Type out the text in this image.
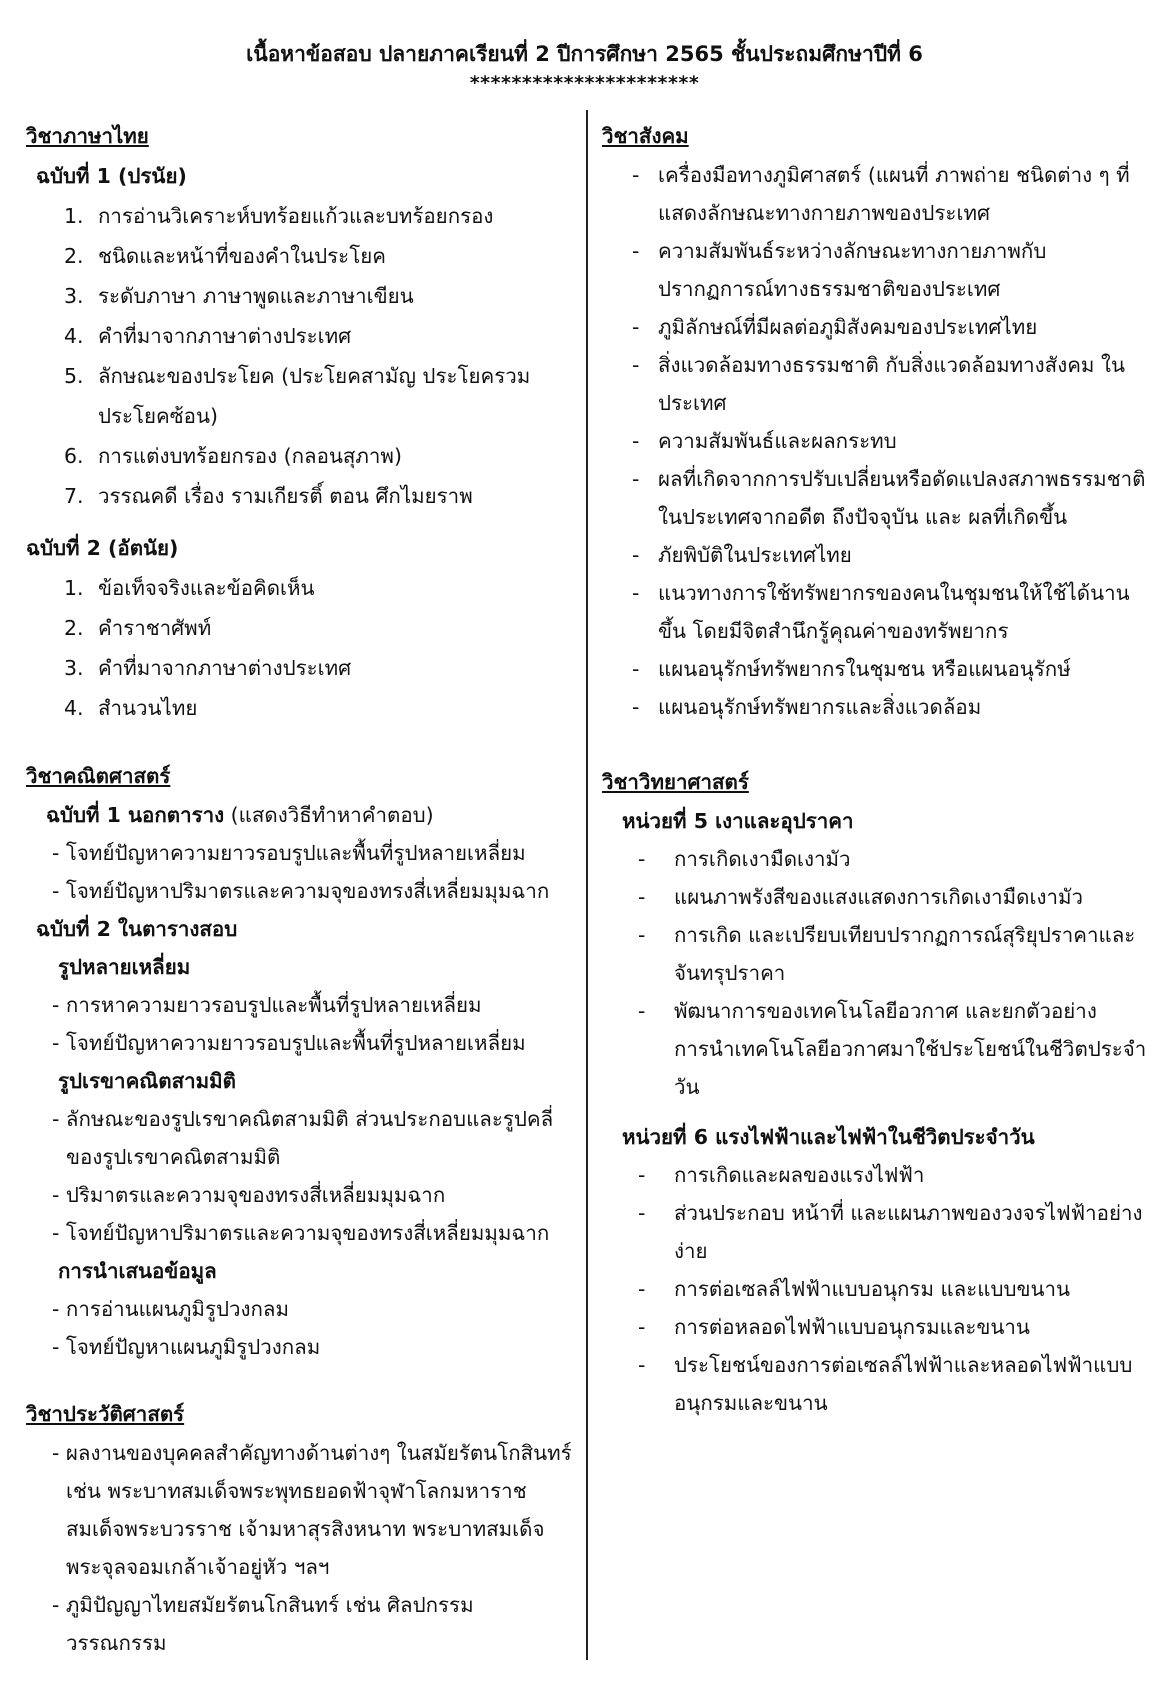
เนื้อหาข้อสอบ ปลายภาคเรียนที่ 2 ปีการศึกษา 2565 ชั้นประถมศึกษาปีที่ 6
**********************
วิชาภาษาไทย
ฉบับที่ 1 (ปรนัย)
1. การอ่านวิเคราะห์บทร้อยแก้วและบทร้อยกรอง
2. ชนิดและหน้าที่ของคำในประโยค
3. ระดับภาษา ภาษาพูดและภาษาเขียน
4. คำที่มาจากภาษาต่างประเทศ
5. ลักษณะของประโยค (ประโยคสามัญ ประโยครวม ประโยคซ้อน)
6. การแต่งบทร้อยกรอง (กลอนสุภาพ)
7. วรรณคดี เรื่อง รามเกียรติ์ ตอน ศึกไมยราพ
ฉบับที่ 2 (อัตนัย)
1. ข้อเท็จจริงและข้อคิดเห็น
2. คำราชาศัพท์
3. คำที่มาจากภาษาต่างประเทศ
4. สำนวนไทย
วิชาคณิตศาสตร์
ฉบับที่ 1 นอกตาราง (แสดงวิธีทำหาคำตอบ)
- โจทย์ปัญหาความยาวรอบรูปและพื้นที่รูปหลายเหลี่ยม
- โจทย์ปัญหาปริมาตรและความจุของทรงสี่เหลี่ยมมุมฉาก
ฉบับที่ 2 ในตารางสอบ
รูปหลายเหลี่ยม
- การหาความยาวรอบรูปและพื้นที่รูปหลายเหลี่ยม
- โจทย์ปัญหาความยาวรอบรูปและพื้นที่รูปหลายเหลี่ยม
รูปเรขาคณิตสามมิติ
- ลักษณะของรูปเรขาคณิตสามมิติ ส่วนประกอบและรูปคลี่ของรูปเรขาคณิตสามมิติ
- ปริมาตรและความจุของทรงสี่เหลี่ยมมุมฉาก
- โจทย์ปัญหาปริมาตรและความจุของทรงสี่เหลี่ยมมุมฉาก
การนำเสนอข้อมูล
- การอ่านแผนภูมิรูปวงกลม
- โจทย์ปัญหาแผนภูมิรูปวงกลม
วิชาประวัติศาสตร์
- ผลงานของบุคคลสำคัญทางด้านต่างๆ ในสมัยรัตนโกสินทร์ เช่น พระบาทสมเด็จพระพุทธยอดฟ้าจุฬาโลกมหาราช สมเด็จพระบวรราช เจ้ามหาสุรสิงหนาท พระบาทสมเด็จพระจุลจอมเกล้าเจ้าอยู่หัว ฯลฯ
- ภูมิปัญญาไทยสมัยรัตนโกสินทร์ เช่น ศิลปกรรม วรรณกรรม
วิชาสังคม
- เครื่องมือทางภูมิศาสตร์ (แผนที่ ภาพถ่าย ชนิดต่าง ๆ ที่แสดงลักษณะทางกายภาพของประเทศ
- ความสัมพันธ์ระหว่างลักษณะทางกายภาพกับปรากฏการณ์ทางธรรมชาติของประเทศ
- ภูมิลักษณ์ที่มีผลต่อภูมิสังคมของประเทศไทย
- สิ่งแวดล้อมทางธรรมชาติ กับสิ่งแวดล้อมทางสังคม ในประเทศ
- ความสัมพันธ์และผลกระทบ
- ผลที่เกิดจากการปรับเปลี่ยนหรือดัดแปลงสภาพธรรมชาติในประเทศจากอดีต ถึงปัจจุบัน และ ผลที่เกิดขึ้น
- ภัยพิบัติในประเทศไทย
- แนวทางการใช้ทรัพยากรของคนในชุมชนให้ใช้ได้นานขึ้น โดยมีจิตสำนึกรู้คุณค่าของทรัพยากร
- แผนอนุรักษ์ทรัพยากรในชุมชน หรือแผนอนุรักษ์
- แผนอนุรักษ์ทรัพยากรและสิ่งแวดล้อม
วิชาวิทยาศาสตร์
หน่วยที่ 5 เงาและอุปราคา
- การเกิดเงามืดเงามัว
- แผนภาพรังสีของแสงแสดงการเกิดเงามืดเงามัว
- การเกิด และเปรียบเทียบปรากฏการณ์สุริยุปราคาและจันทรุปราคา
- พัฒนาการของเทคโนโลยีอวกาศ และยกตัวอย่างการนำเทคโนโลยีอวกาศมาใช้ประโยชน์ในชีวิตประจำวัน
หน่วยที่ 6 แรงไฟฟ้าและไฟฟ้าในชีวิตประจำวัน
- การเกิดและผลของแรงไฟฟ้า
- ส่วนประกอบ หน้าที่ และแผนภาพของวงจรไฟฟ้าอย่างง่าย
- การต่อเซลล์ไฟฟ้าแบบอนุกรม และแบบขนาน
- การต่อหลอดไฟฟ้าแบบอนุกรมและขนาน
- ประโยชน์ของการต่อเซลล์ไฟฟ้าและหลอดไฟฟ้าแบบอนุกรมและขนาน
